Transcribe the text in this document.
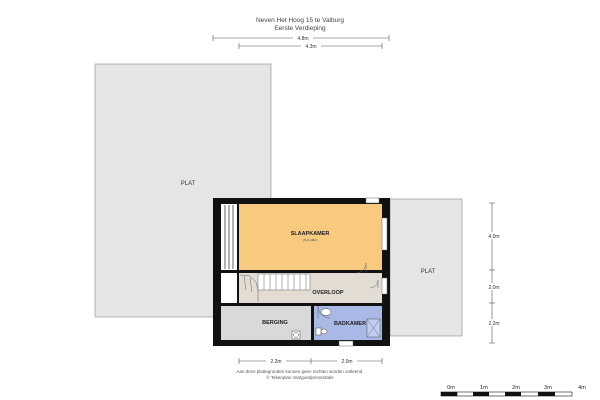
Neven Het Hoog 15 te Valburg
Eerste Verdieping
4.8m
4.3m
PLAT
PLAT
SLAAPKAMER
(5+3.4M2)
OVERLOOP
BERGING	BADKAMER
2.2m	2.0m
4.0m
2.0m
2.2m
0m	1m	2m	3m	4m
Aan deze plattegronden kunnen geen rechten worden ontleend.
© Tekenplan Vastgoedpresentatie
